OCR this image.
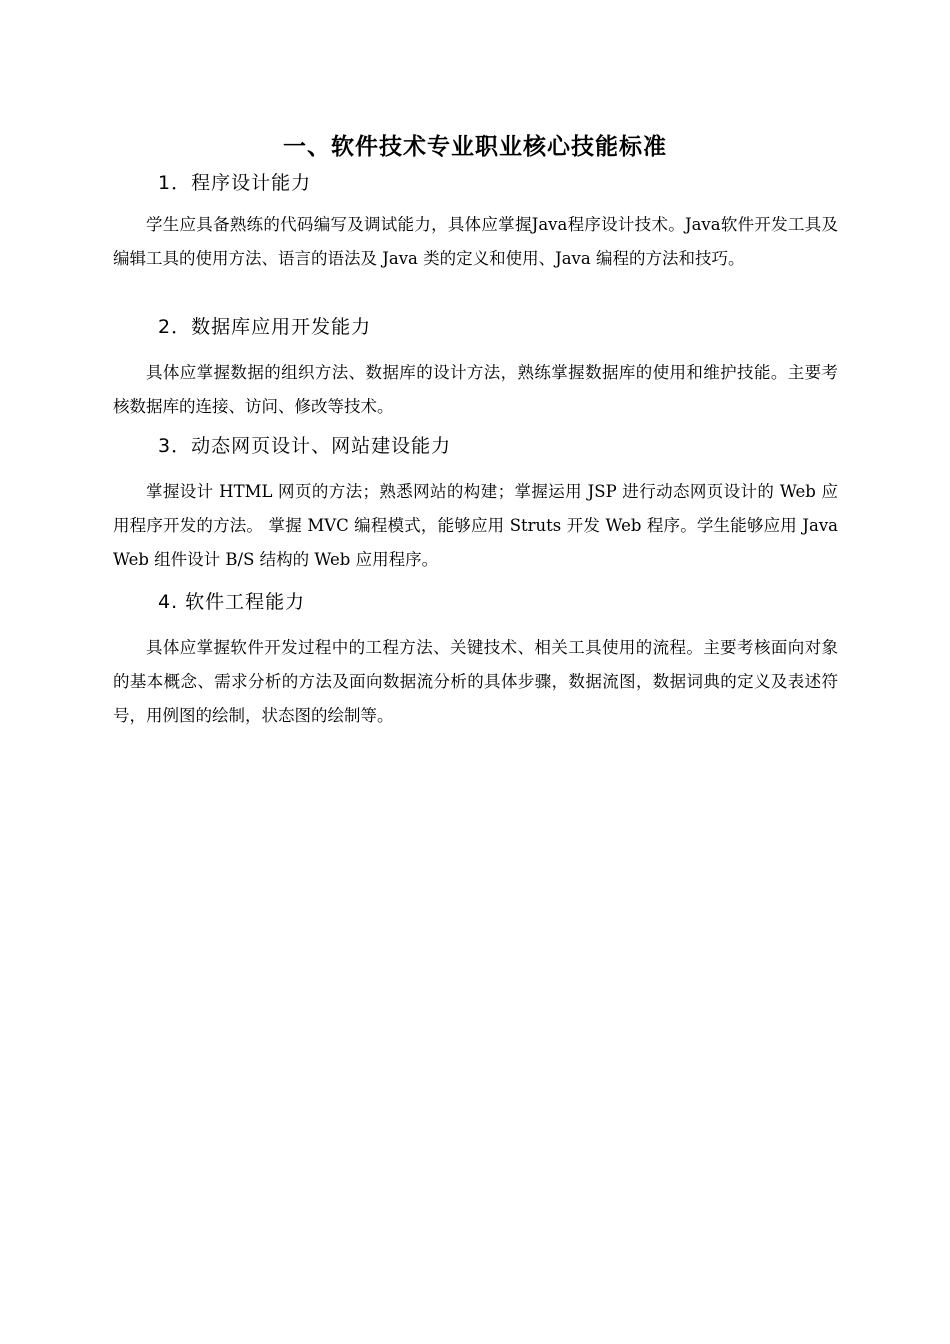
一、软件技术专业职业核心技能标准
1．程序设计能力

学生应具备熟练的代码编写及调试能力，具体应掌握Java程序设计技术。Java软件开发工具及编辑工具的使用方法、语言的语法及 Java 类的定义和使用、Java 编程的方法和技巧。

2．数据库应用开发能力

具体应掌握数据的组织方法、数据库的设计方法，熟练掌握数据库的使用和维护技能。主要考核数据库的连接、访问、修改等技术。

3．动态网页设计、网站建设能力

掌握设计 HTML 网页的方法；熟悉网站的构建；掌握运用 JSP 进行动态网页设计的 Web 应用程序开发的方法。 掌握 MVC 编程模式，能够应用 Struts 开发 Web 程序。学生能够应用 Java Web 组件设计 B/S 结构的 Web 应用程序。

4. 软件工程能力

具体应掌握软件开发过程中的工程方法、关键技术、相关工具使用的流程。主要考核面向对象的基本概念、需求分析的方法及面向数据流分析的具体步骤，数据流图，数据词典的定义及表述符号，用例图的绘制，状态图的绘制等。
